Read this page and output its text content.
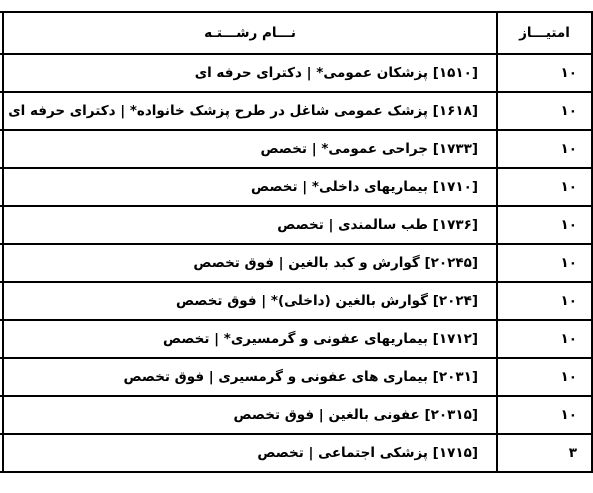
	نـــام رشـــتـه	امتیـــاز
	[۱۵۱۰] پزشکان عمومی* | دکترای حرفه ای	۱۰
	[۱۶۱۸] پزشک عمومی شاغل در طرح پزشک خانواده* | دکترای حرفه ای	۱۰
	[۱۷۳۳] جراحی عمومی* | تخصص	۱۰
	[۱۷۱۰] بیماریهای داخلی* | تخصص	۱۰
	[۱۷۳۶] طب سالمندی | تخصص	۱۰
	[۲۰۲۴۵] گوارش و کبد بالغین | فوق تخصص	۱۰
	[۲۰۲۴] گوارش بالغین (داخلی)* | فوق تخصص	۱۰
	[۱۷۱۲] بیماریهای عفونی و گرمسیری* | تخصص	۱۰
	[۲۰۳۱] بیماری های عفونی و گرمسیری | فوق تخصص	۱۰
	[۲۰۳۱۵] عفونی بالغین | فوق تخصص	۱۰
	[۱۷۱۵] پزشکی اجتماعی | تخصص	۳
